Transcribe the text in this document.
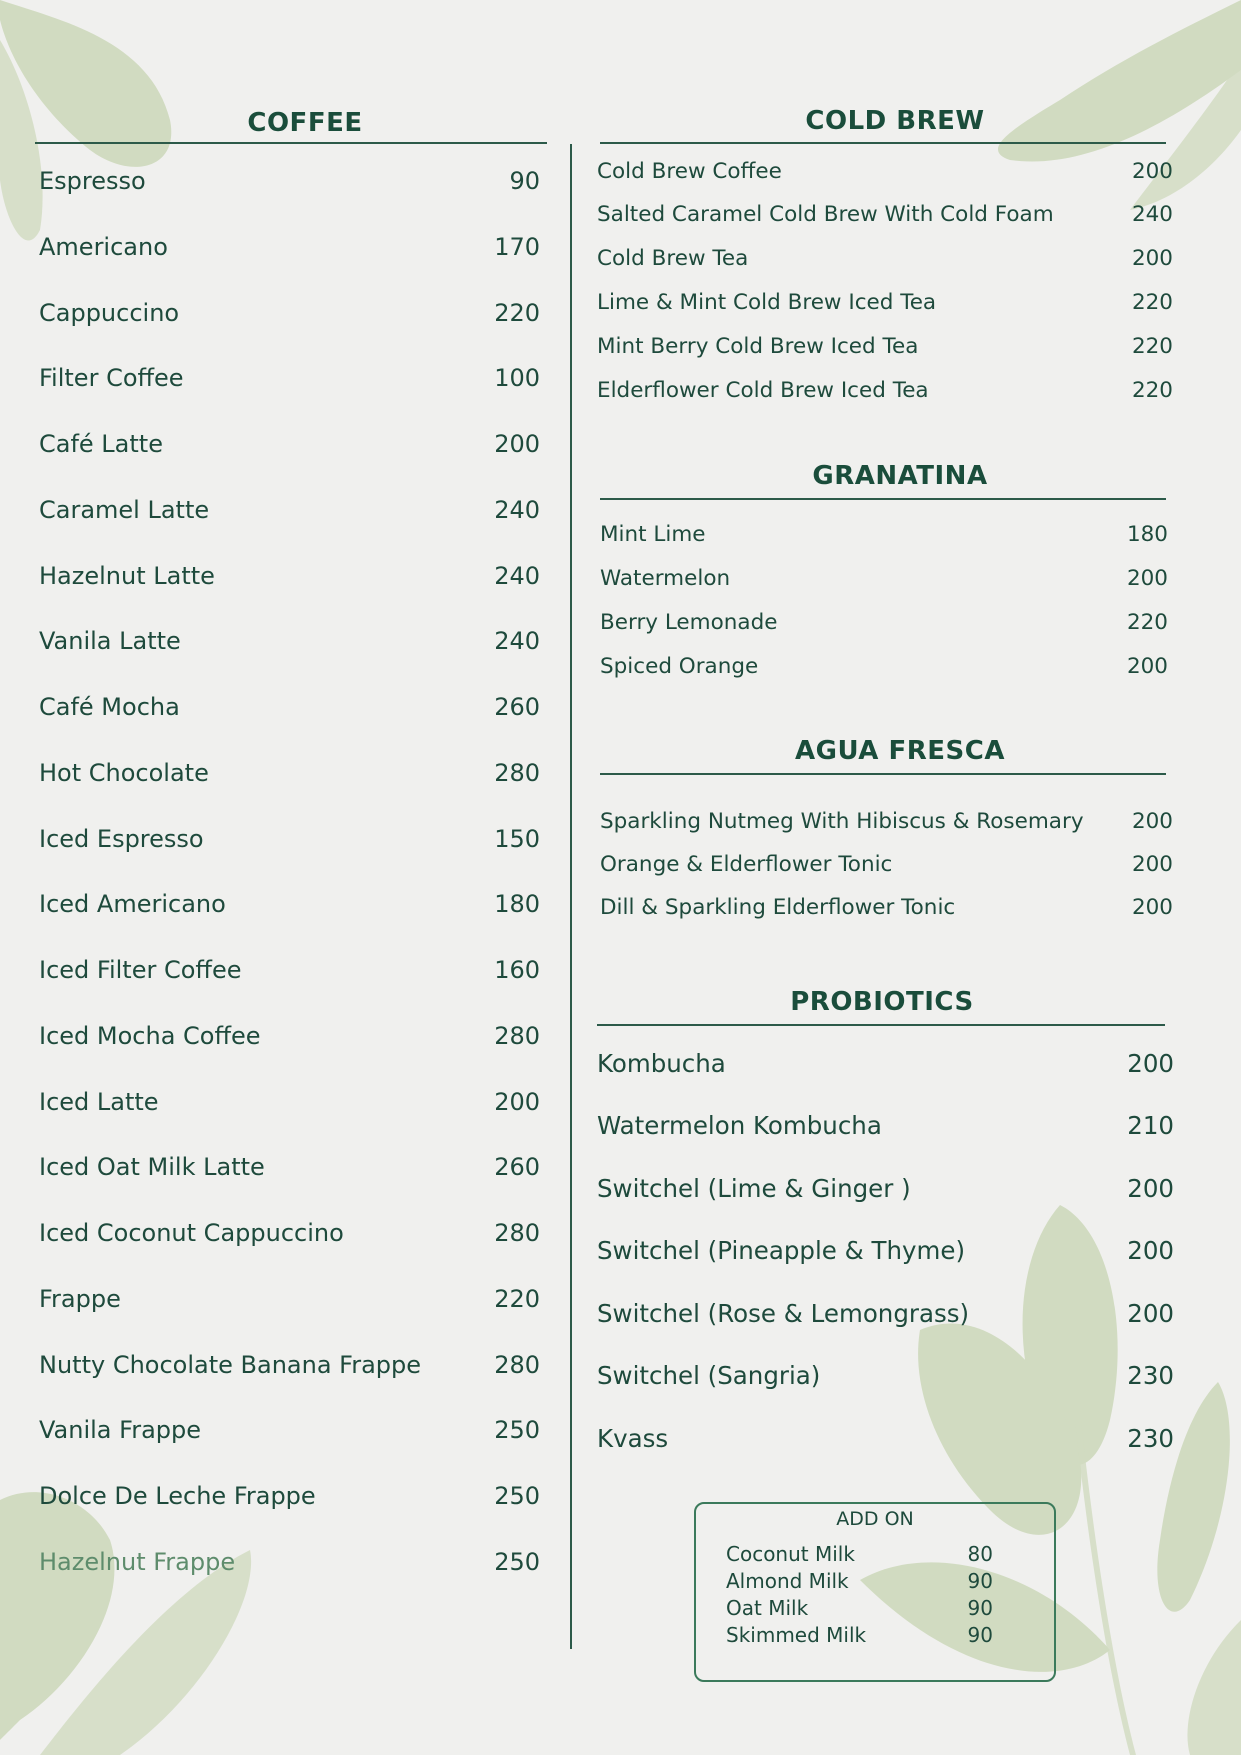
COFFEE
Espresso	90
Americano	170
Cappuccino	220
Filter Coffee	100
Café Latte	200
Caramel Latte	240
Hazelnut Latte	240
Vanila Latte	240
Café Mocha	260
Hot Chocolate	280
Iced Espresso	150
Iced Americano	180
Iced Filter Coffee	160
Iced Mocha Coffee	280
Iced Latte	200
Iced Oat Milk Latte	260
Iced Coconut Cappuccino	280
Frappe	220
Nutty Chocolate Banana Frappe	280
Vanila Frappe	250
Dolce De Leche Frappe	250
Hazelnut Frappe	250
COLD BREW
Cold Brew Coffee	200
Salted Caramel Cold Brew With Cold Foam	240
Cold Brew Tea	200
Lime & Mint Cold Brew Iced Tea	220
Mint Berry Cold Brew Iced Tea	220
Elderflower Cold Brew Iced Tea	220
GRANATINA
Mint Lime	180
Watermelon	200
Berry Lemonade	220
Spiced Orange	200
AGUA FRESCA
Sparkling Nutmeg With Hibiscus & Rosemary 200
Orange & Elderflower Tonic	200
Dill & Sparkling Elderflower Tonic	200
PROBIOTICS
Kombucha	200
Watermelon Kombucha	210
Switchel (Lime & Ginger )	200
Switchel (Pineapple & Thyme)	200
Switchel (Rose & Lemongrass)	200
Switchel (Sangria)	230
Kvass	230
ADD ON
Coconut Milk	80
Almond Milk	90
Oat Milk	90
Skimmed Milk	90
